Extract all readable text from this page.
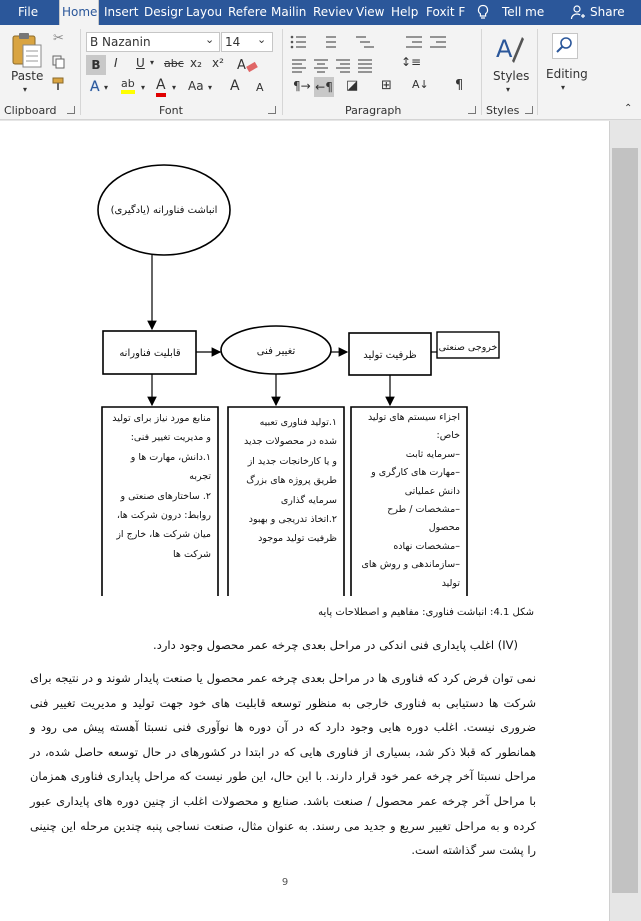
File Home Insert Desigr Layou Refere Mailin Reviev View Help Foxit F	Tell me	Share
Paste
▾
✂
Clipboard
B Nazanin	⌄ 14	⌄
B	I U ▾ abc x₂ x² A
A ▾ ab ▾ A ▾ Aa ▾ A A
Font
↕≡
¶→ ←¶ ◪ ⊞ A↓ ¶
Paragraph
A
Styles
▾
Styles
Editing
▾
⌃
انباشت فناورانه (یادگیری)
قابلیت فناورانه	تغییر فنی	ظرفیت تولید
خروجی صنعتی
منابع مورد نیاز برای تولید
و مدیریت تغییر فنی:
۱.دانش، مهارت ها و
تجربه
۲. ساختارهای صنعتی و
روابط: درون شرکت ها،
میان شرکت ها، خارج از
شرکت ها
۱.تولید فناوری تعبیه
شده در محصولات جدید
و یا کارخانجات جدید از
طریق پروژه های بزرگ
سرمایه گذاری
۲.اتخاذ تدریجی و بهبود
ظرفیت تولید موجود
اجزاء سیستم های تولید
خاص:
–سرمایه ثابت
–مهارت های کارگری و
دانش عملیاتی
–مشخصات / طرح
محصول
–مشخصات نهاده
–سازماندهی و روش های
تولید
شکل 4.1: انباشت فناوری: مفاهیم و اصطلاحات پایه
(IV) اغلب پایداری فنی اندکی در مراحل بعدی چرخه عمر محصول وجود دارد.
نمی توان فرض کرد که فناوری ها در مراحل بعدی چرخه عمر محصول یا صنعت پایدار شوند و در نتیجه برای شرکت ها دستیابی به فناوری خارجی به منظور توسعه قابلیت های خود جهت تولید و مدیریت تغییر فنی ضروری نیست. اغلب دوره هایی وجود دارد که در آن دوره ها نوآوری فنی نسبتا آهسته پیش می رود و همانطور که قبلا ذکر شد، بسیاری از فناوری هایی که در ابتدا در کشورهای در حال توسعه حاصل شده، در مراحل نسبتا آخر چرخه عمر خود قرار دارند. با این حال، این طور نیست که مراحل پایداری فناوری همزمان با مراحل آخر چرخه عمر محصول / صنعت باشد. صنایع و محصولات اغلب از چنین دوره های پایداری عبور کرده و به مراحل تغییر سریع و جدید می رسند. به عنوان مثال، صنعت نساجی پنبه چندین مرحله این چنینی را پشت سر گذاشته است.
9
